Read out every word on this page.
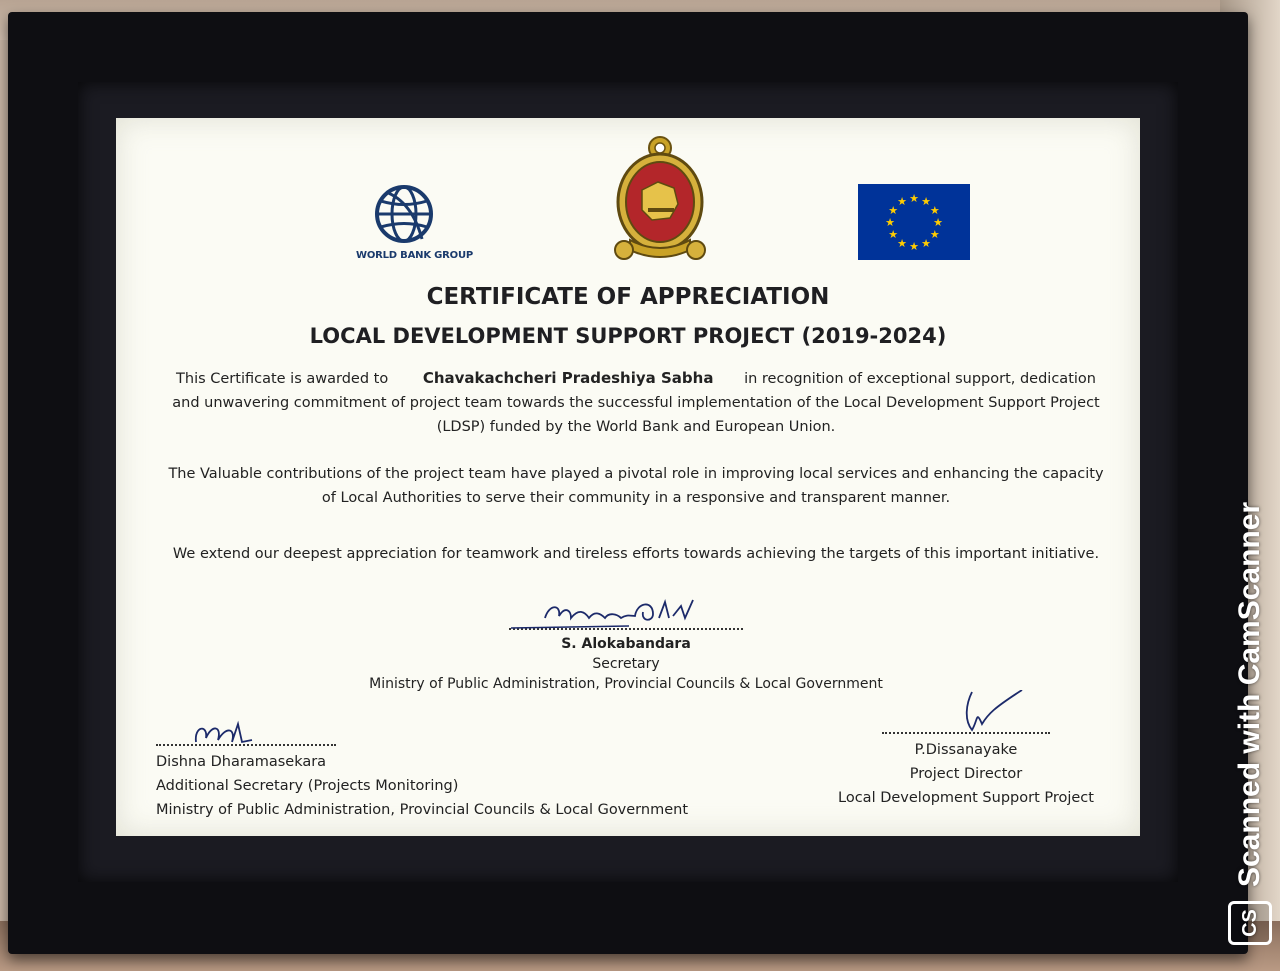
WORLD BANK GROUP
★ ★
★
★
★
★
★
★
★
★
★
★
CERTIFICATE OF APPRECIATION
LOCAL DEVELOPMENT SUPPORT PROJECT (2019-2024)
This Certificate is awarded to Chavakachcheri Pradeshiya Sabha in recognition of exceptional support, dedication and unwavering commitment of project team towards the successful implementation of the Local Development Support Project (LDSP) funded by the World Bank and European Union.
The Valuable contributions of the project team have played a pivotal role in improving local services and enhancing the capacity of Local Authorities to serve their community in a responsive and transparent manner.
We extend our deepest appreciation for teamwork and tireless efforts towards achieving the targets of this important initiative.
S. Alokabandara
Secretary
Ministry of Public Administration, Provincial Councils & Local Government
Dishna Dharamasekara
Additional Secretary (Projects Monitoring)
Ministry of Public Administration, Provincial Councils & Local Government
P.Dissanayake
Project Director
Local Development Support Project
CS
Scanned with CamScanner
